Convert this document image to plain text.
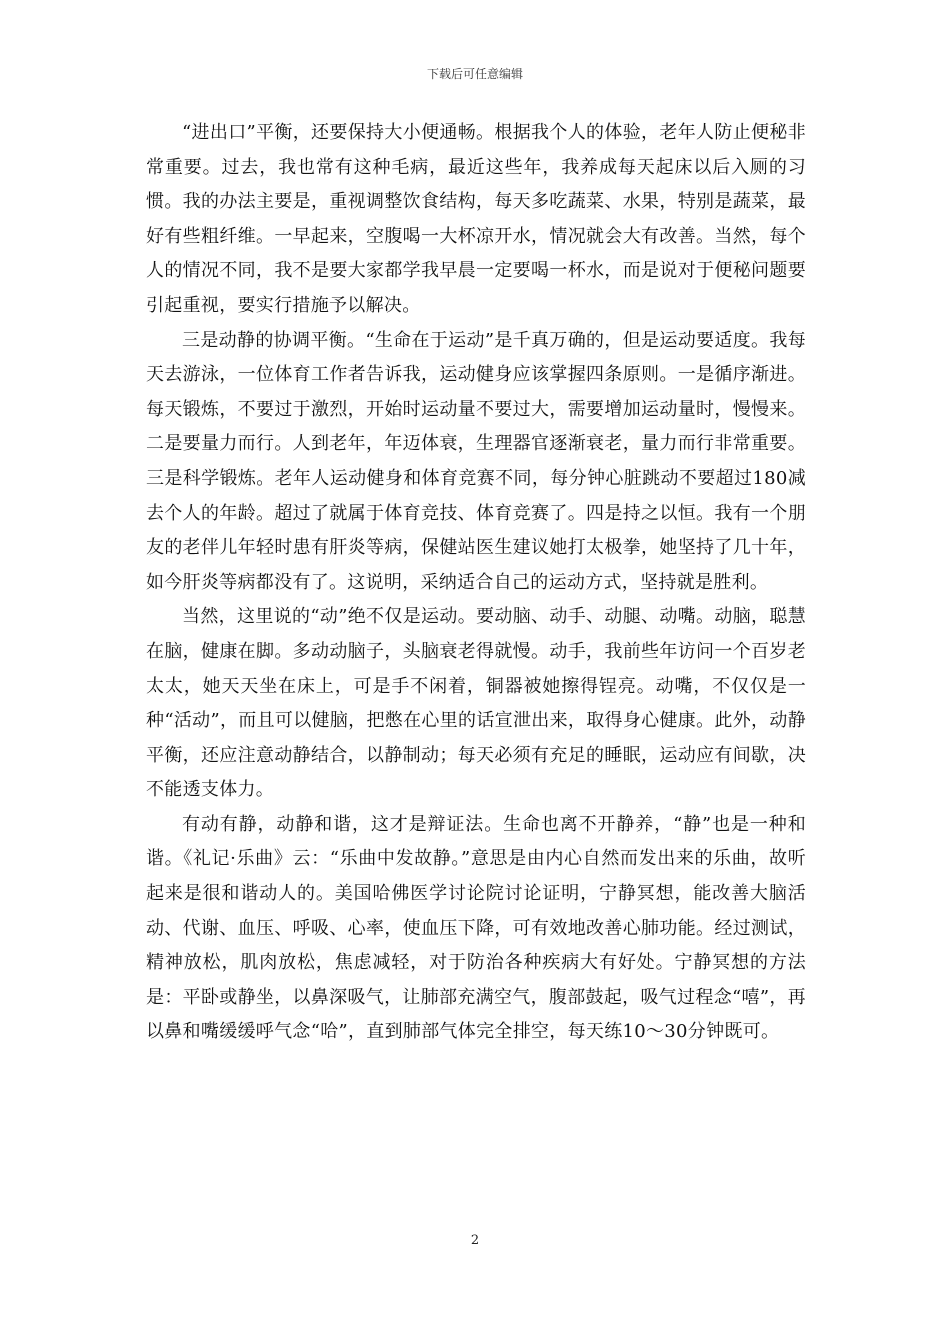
下载后可任意编辑

“进出口”平衡，还要保持大小便通畅。根据我个人的体验，老年人防止便秘非常重要。过去，我也常有这种毛病，最近这些年，我养成每天起床以后入厕的习惯。我的办法主要是，重视调整饮食结构，每天多吃蔬菜、水果，特别是蔬菜，最好有些粗纤维。一早起来，空腹喝一大杯凉开水，情况就会大有改善。当然，每个人的情况不同，我不是要大家都学我早晨一定要喝一杯水，而是说对于便秘问题要引起重视，要实行措施予以解决。

三是动静的协调平衡。“生命在于运动”是千真万确的，但是运动要适度。我每天去游泳，一位体育工作者告诉我，运动健身应该掌握四条原则。一是循序渐进。每天锻炼，不要过于激烈，开始时运动量不要过大，需要增加运动量时，慢慢来。二是要量力而行。人到老年，年迈体衰，生理器官逐渐衰老，量力而行非常重要。三是科学锻炼。老年人运动健身和体育竞赛不同，每分钟心脏跳动不要超过180减去个人的年龄。超过了就属于体育竞技、体育竞赛了。四是持之以恒。我有一个朋友的老伴儿年轻时患有肝炎等病，保健站医生建议她打太极拳，她坚持了几十年，如今肝炎等病都没有了。这说明，采纳适合自己的运动方式，坚持就是胜利。

当然，这里说的“动”绝不仅是运动。要动脑、动手、动腿、动嘴。动脑，聪慧在脑，健康在脚。多动动脑子，头脑衰老得就慢。动手，我前些年访问一个百岁老太太，她天天坐在床上，可是手不闲着，铜器被她擦得锃亮。动嘴，不仅仅是一种“活动”，而且可以健脑，把憋在心里的话宣泄出来，取得身心健康。此外，动静平衡，还应注意动静结合，以静制动；每天必须有充足的睡眠，运动应有间歇，决不能透支体力。

有动有静，动静和谐，这才是辩证法。生命也离不开静养，“静”也是一种和谐。《礼记·乐曲》云：“乐曲中发故静。”意思是由内心自然而发出来的乐曲，故听起来是很和谐动人的。美国哈佛医学讨论院讨论证明，宁静冥想，能改善大脑活动、代谢、血压、呼吸、心率，使血压下降，可有效地改善心肺功能。经过测试，精神放松，肌肉放松，焦虑减轻，对于防治各种疾病大有好处。宁静冥想的方法是：平卧或静坐，以鼻深吸气，让肺部充满空气，腹部鼓起，吸气过程念“嘻”，再以鼻和嘴缓缓呼气念“哈”，直到肺部气体完全排空，每天练10～30分钟既可。

2
